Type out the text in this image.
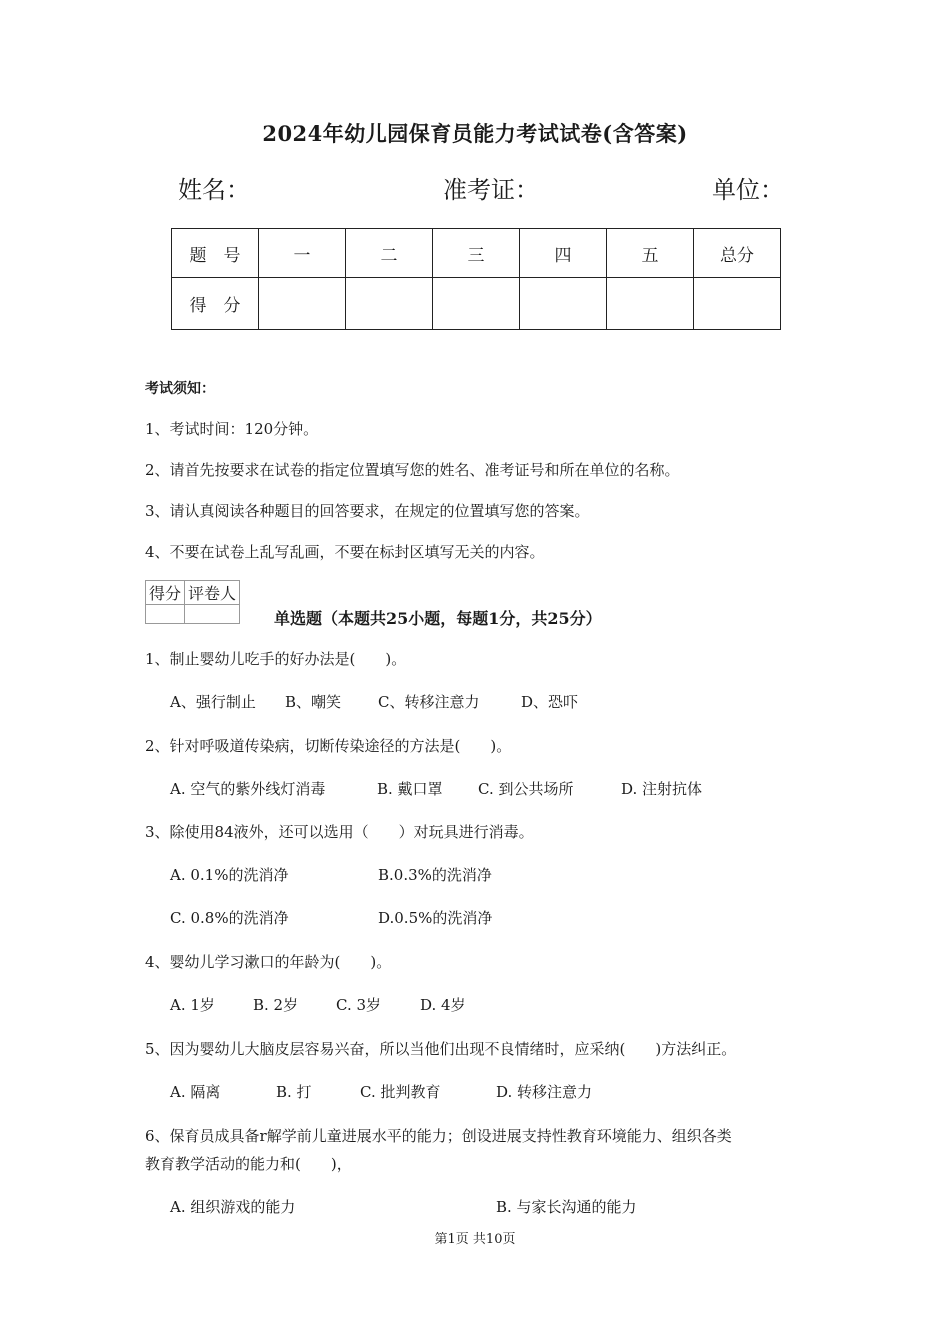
2024年幼儿园保育员能力考试试卷(含答案)
姓名：	准考证：	单位：
题　号	一	二	三	四	五	总分
得　分						
考试须知：
1、考试时间：120分钟。
2、请首先按要求在试卷的指定位置填写您的姓名、准考证号和所在单位的名称。
3、请认真阅读各种题目的回答要求，在规定的位置填写您的答案。
4、不要在试卷上乱写乱画，不要在标封区填写无关的内容。
得分	评卷人

单选题（本题共25小题，每题1分，共25分）
1、制止婴幼儿吃手的好办法是(　　)。
A、强行制止 B、嘲笑 C、转移注意力	D、恐吓
2、针对呼吸道传染病，切断传染途径的方法是(　　)。
A. 空气的紫外线灯消毒	B. 戴口罩 C. 到公共场所	D. 注射抗体
3、除使用84液外，还可以选用（　　）对玩具进行消毒。
A. 0.1%的洗消净	B.0.3%的洗消净
C. 0.8%的洗消净	D.0.5%的洗消净
4、婴幼儿学习漱口的年龄为(　　)。
A. 1岁	B. 2岁	C. 3岁	D. 4岁
5、因为婴幼儿大脑皮层容易兴奋，所以当他们出现不良情绪时，应采纳(　　)方法纠正。
A. 隔离	B. 打	C. 批判教育	D. 转移注意力
6、保育员成具备r解学前儿童进展水平的能力；创设进展支持性教育环境能力、组织各类
教育教学活动的能力和(　　)，
A. 组织游戏的能力	B. 与家长沟通的能力
第1页 共10页
